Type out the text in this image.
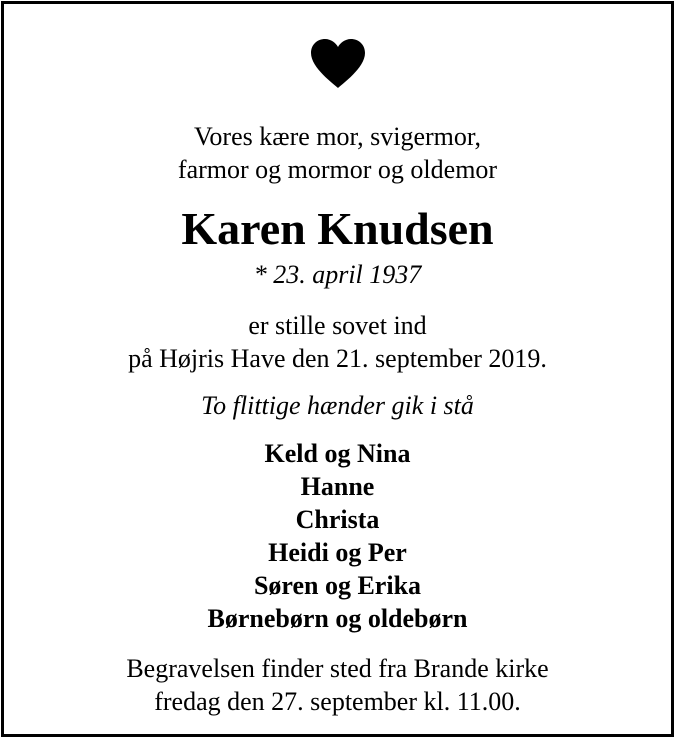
Vores kære mor, svigermor,
farmor og mormor og oldemor
Karen Knudsen
* 23. april 1937
er stille sovet ind
på Højris Have den 21. september 2019.
To flittige hænder gik i stå
Keld og Nina
Hanne
Christa
Heidi og Per
Søren og Erika
Børnebørn og oldebørn
Begravelsen finder sted fra Brande kirke
fredag den 27. september kl. 11.00.
